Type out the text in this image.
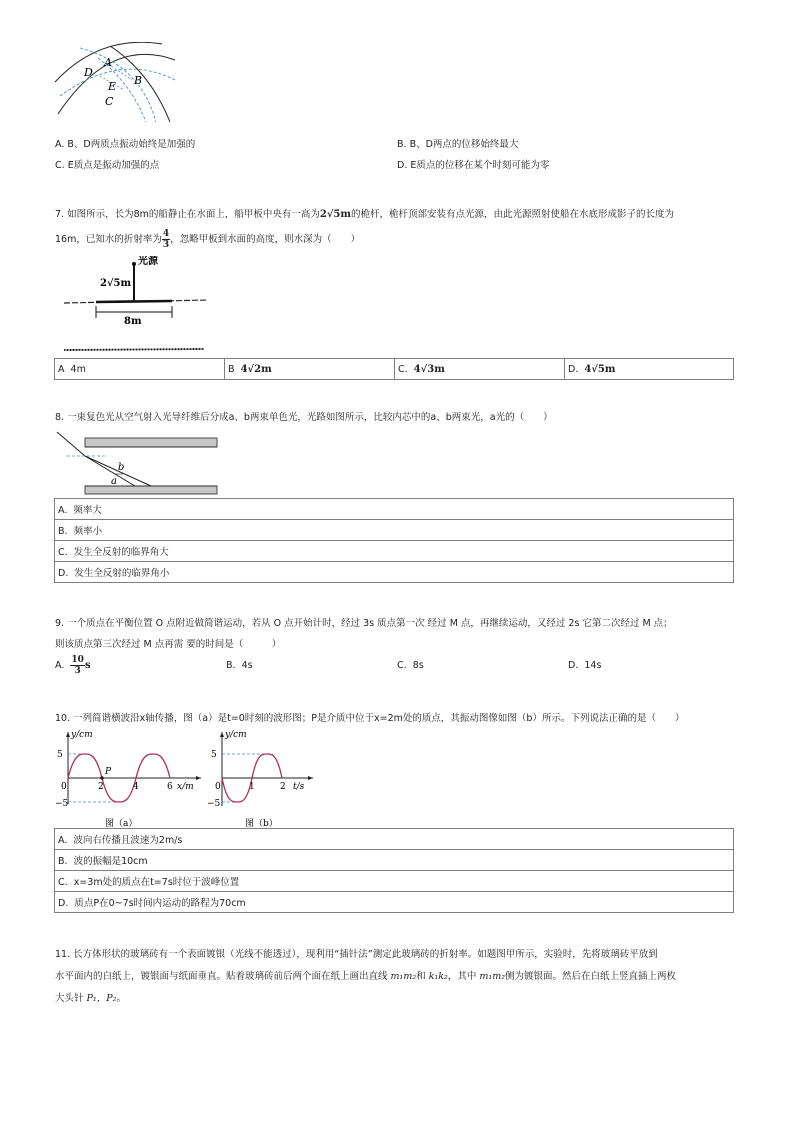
A
B
D
E
C
A. B、D两质点振动始终是加强的	B. B、D两点的位移始终最大
C. E质点是振动加强的点	D. E质点的位移在某个时刻可能为零
7. 如图所示，长为8m的船静止在水面上，船甲板中央有一高为2√5m的桅杆，桅杆顶部安装有点光源，由此光源照射使船在水底形成影子的长度为
16m，已知水的折射率为 $\frac{4}{3}$ ，忽略甲板到水面的高度，则水深为（　　）
2√5m
光源
8m
A 4m	B 4√2m	C. 4√3m	D. 4√5m
8. 一束复色光从空气射入光导纤维后分成a、b两束单色光，光路如图所示，比较内芯中的a、b两束光，a光的（　　）
b
a
A. 频率大
B. 频率小
C. 发生全反射的临界角大
D. 发生全反射的临界角小
9. 一个质点在平衡位置 O 点附近做简谐运动，若从 O 点开始计时，经过 3s 质点第一次 经过 M 点，再继续运动，又经过 2s 它第二次经过 M 点；
则该质点第三次经过 M 点再需 要的时间是（　　　）
A. $\frac{10}{3}$ s	B. 4s	C. 8s	D. 14s
10. 一列简谐横波沿x轴传播，图（a）是t=0时刻的波形图；P是介质中位于x=2m处的质点，其振动图像如图（b）所示。下列说法正确的是（　　）
y/cm
5
0
−5
2	4	6 x/m
P
图（a）
y/cm
5
0
−5
1	2 t/s
图（b）
A. 波向右传播且波速为2m/s
B. 波的振幅是10cm
C. x=3m处的质点在t=7s时位于波峰位置
D. 质点P在0~7s时间内运动的路程为70cm
11. 长方体形状的玻璃砖有一个表面镀银（光线不能透过），现利用“插针法”测定此玻璃砖的折射率。如题图甲所示，实验时，先将玻璃砖平放到
水平面内的白纸上，镀银面与纸面垂直。贴着玻璃砖前后两个面在纸上画出直线 m₁m₂和 k₁k₂，其中 m₁m₂侧为镀银面。然后在白纸上竖直插上两枚
大头针 P₁，P₂。
